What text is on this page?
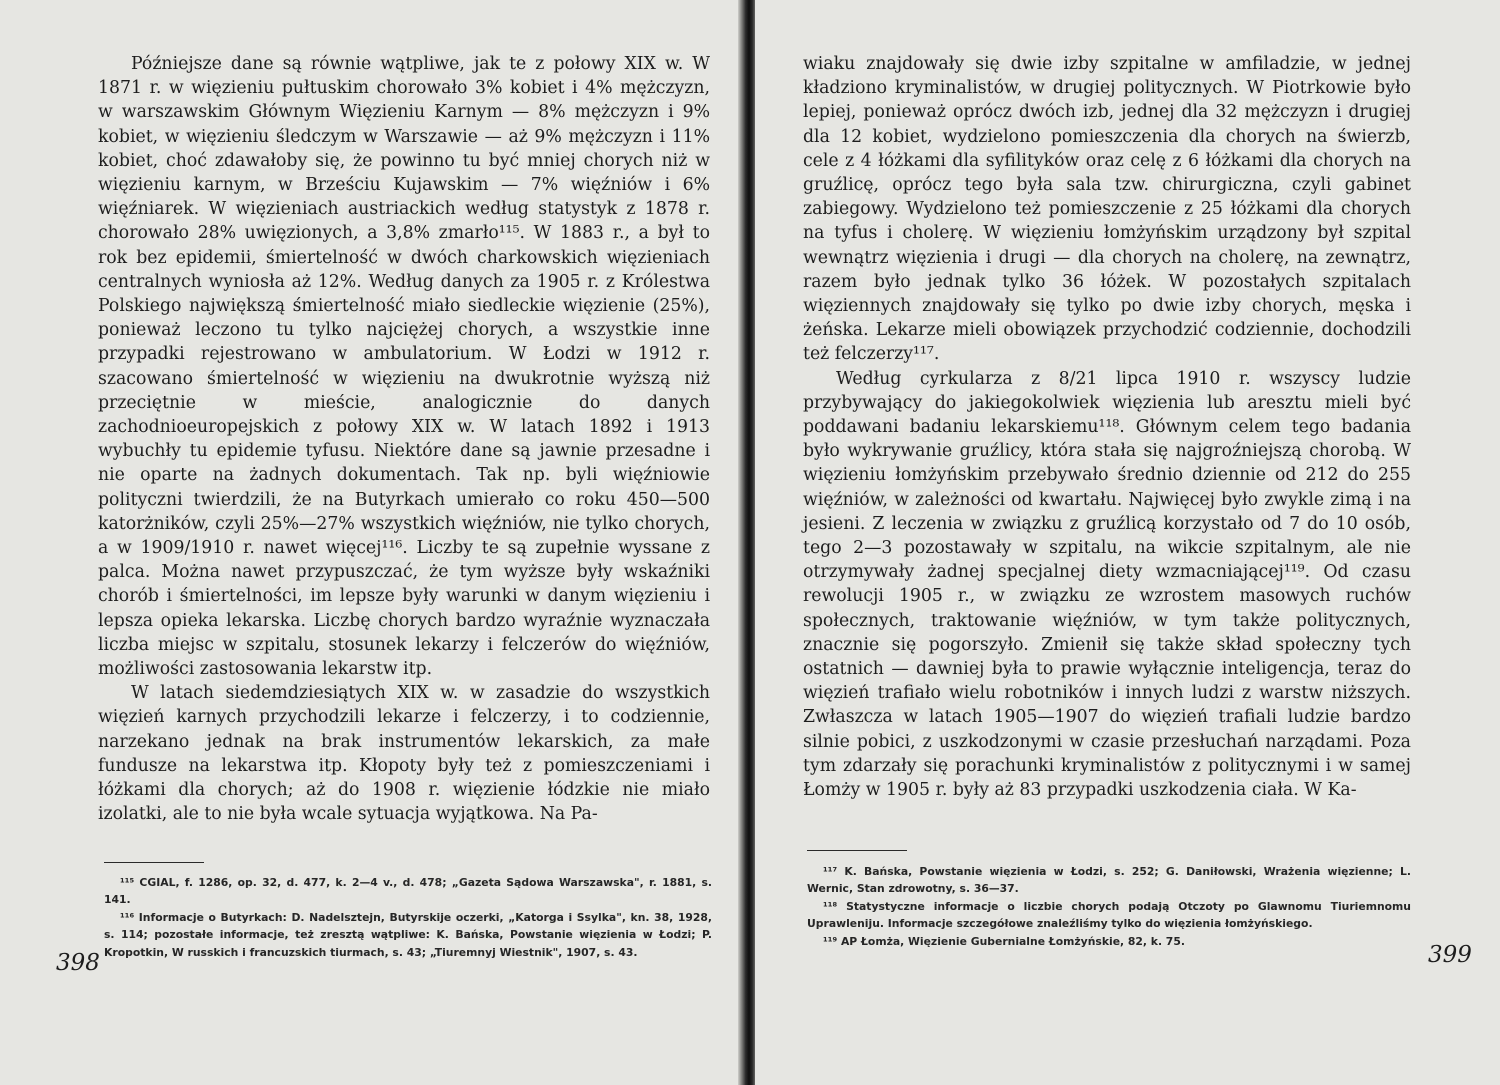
Późniejsze dane są równie wątpliwe, jak te z połowy XIX w. W 1871 r. w więzieniu pułtuskim chorowało 3% kobiet i 4% mężczyzn, w warszawskim Głównym Więzieniu Karnym — 8% mężczyzn i 9% kobiet, w więzieniu śledczym w Warszawie — aż 9% mężczyzn i 11% kobiet, choć zdawałoby się, że powinno tu być mniej chorych niż w więzieniu karnym, w Brześciu Kujawskim — 7% więźniów i 6% więźniarek. W więzieniach austriackich według statystyk z 1878 r. chorowało 28% uwięzionych, a 3,8% zmarło¹¹⁵. W 1883 r., a był to rok bez epidemii, śmiertelność w dwóch charkowskich więzieniach centralnych wyniosła aż 12%. Według danych za 1905 r. z Królestwa Polskiego największą śmiertelność miało siedleckie więzienie (25%), ponieważ leczono tu tylko najciężej chorych, a wszystkie inne przypadki rejestrowano w ambulatorium. W Łodzi w 1912 r. szacowano śmiertelność w więzieniu na dwukrotnie wyższą niż przeciętnie w mieście, analogicznie do danych zachodnioeuropejskich z połowy XIX w. W latach 1892 i 1913 wybuchły tu epidemie tyfusu. Niektóre dane są jawnie przesadne i nie oparte na żadnych dokumentach. Tak np. byli więźniowie polityczni twierdzili, że na Butyrkach umierało co roku 450—500 katorżników, czyli 25%—27% wszystkich więźniów, nie tylko chorych, a w 1909/1910 r. nawet więcej¹¹⁶. Liczby te są zupełnie wyssane z palca. Można nawet przypuszczać, że tym wyższe były wskaźniki chorób i śmiertelności, im lepsze były warunki w danym więzieniu i lepsza opieka lekarska. Liczbę chorych bardzo wyraźnie wyznaczała liczba miejsc w szpitalu, stosunek lekarzy i felczerów do więźniów, możliwości zastosowania lekarstw itp.

W latach siedemdziesiątych XIX w. w zasadzie do wszystkich więzień karnych przychodzili lekarze i felczerzy, i to codziennie, narzekano jednak na brak instrumentów lekarskich, za małe fundusze na lekarstwa itp. Kłopoty były też z pomieszczeniami i łóżkami dla chorych; aż do 1908 r. więzienie łódzkie nie miało izolatki, ale to nie była wcale sytuacja wyjątkowa. Na Pa-

¹¹⁵ CGIAL, f. 1286, op. 32, d. 477, k. 2—4 v., d. 478; „Gazeta Sądowa Warszawska", r. 1881, s. 141.

¹¹⁶ Informacje o Butyrkach: D. Nadelsztejn, Butyrskije oczerki, „Katorga i Ssylka", kn. 38, 1928, s. 114; pozostałe informacje, też zresztą wątpliwe: K. Bańska, Powstanie więzienia w Łodzi; P. Kropotkin, W russkich i francuzskich tiurmach, s. 43; „Tiuremnyj Wiestnik", 1907, s. 43.

398

wiaku znajdowały się dwie izby szpitalne w amfiladzie, w jednej kładziono kryminalistów, w drugiej politycznych. W Piotrkowie było lepiej, ponieważ oprócz dwóch izb, jednej dla 32 mężczyzn i drugiej dla 12 kobiet, wydzielono pomieszczenia dla chorych na świerzb, cele z 4 łóżkami dla syfilityków oraz celę z 6 łóżkami dla chorych na gruźlicę, oprócz tego była sala tzw. chirurgiczna, czyli gabinet zabiegowy. Wydzielono też pomieszczenie z 25 łóżkami dla chorych na tyfus i cholerę. W więzieniu łomżyńskim urządzony był szpital wewnątrz więzienia i drugi — dla chorych na cholerę, na zewnątrz, razem było jednak tylko 36 łóżek. W pozostałych szpitalach więziennych znajdowały się tylko po dwie izby chorych, męska i żeńska. Lekarze mieli obowiązek przychodzić codziennie, dochodzili też felczerzy¹¹⁷.

Według cyrkularza z 8/21 lipca 1910 r. wszyscy ludzie przybywający do jakiegokolwiek więzienia lub aresztu mieli być poddawani badaniu lekarskiemu¹¹⁸. Głównym celem tego badania było wykrywanie gruźlicy, która stała się najgroźniejszą chorobą. W więzieniu łomżyńskim przebywało średnio dziennie od 212 do 255 więźniów, w zależności od kwartału. Najwięcej było zwykle zimą i na jesieni. Z leczenia w związku z gruźlicą korzystało od 7 do 10 osób, tego 2—3 pozostawały w szpitalu, na wikcie szpitalnym, ale nie otrzymywały żadnej specjalnej diety wzmacniającej¹¹⁹. Od czasu rewolucji 1905 r., w związku ze wzrostem masowych ruchów społecznych, traktowanie więźniów, w tym także politycznych, znacznie się pogorszyło. Zmienił się także skład społeczny tych ostatnich — dawniej była to prawie wyłącznie inteligencja, teraz do więzień trafiało wielu robotników i innych ludzi z warstw niższych. Zwłaszcza w latach 1905—1907 do więzień trafiali ludzie bardzo silnie pobici, z uszkodzonymi w czasie przesłuchań narządami. Poza tym zdarzały się porachunki kryminalistów z politycznymi i w samej Łomży w 1905 r. były aż 83 przypadki uszkodzenia ciała. W Ka-

¹¹⁷ K. Bańska, Powstanie więzienia w Łodzi, s. 252; G. Daniłowski, Wrażenia więzienne; L. Wernic, Stan zdrowotny, s. 36—37.

¹¹⁸ Statystyczne informacje o liczbie chorych podają Otczoty po Glawnomu Tiuriemnomu Uprawleniju. Informacje szczegółowe znaleźliśmy tylko do więzienia łomżyńskiego.

¹¹⁹ AP Łomża, Więzienie Gubernialne Łomżyńskie, 82, k. 75.

399
